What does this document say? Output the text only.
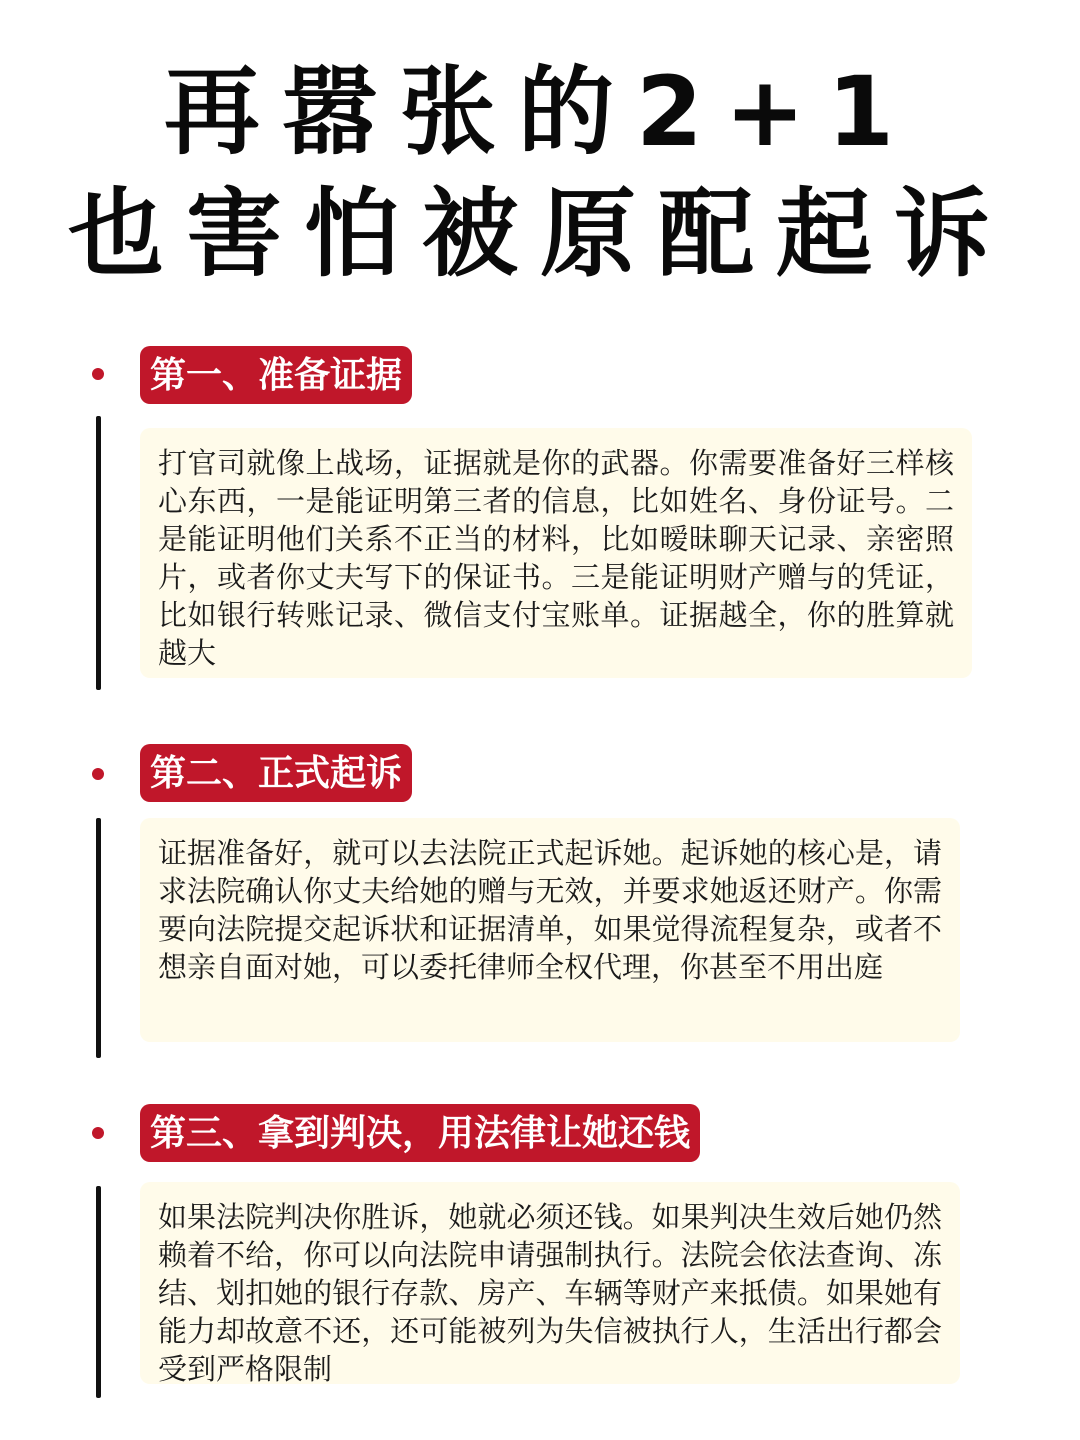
再嚣张的2+1
也害怕被原配起诉
第一、准备证据

打官司就像上战场，证据就是你的武器。你需要准备好三样核心东西，一是能证明第三者的信息，比如姓名、身份证号。二是能证明他们关系不正当的材料，比如暧昧聊天记录、亲密照片，或者你丈夫写下的保证书。三是能证明财产赠与的凭证，比如银行转账记录、微信支付宝账单。证据越全，你的胜算就越大

第二、正式起诉

证据准备好，就可以去法院正式起诉她。起诉她的核心是，请求法院确认你丈夫给她的赠与无效，并要求她返还财产。你需要向法院提交起诉状和证据清单，如果觉得流程复杂，或者不想亲自面对她，可以委托律师全权代理，你甚至不用出庭

第三、拿到判决，用法律让她还钱

如果法院判决你胜诉，她就必须还钱。如果判决生效后她仍然赖着不给，你可以向法院申请强制执行。法院会依法查询、冻结、划扣她的银行存款、房产、车辆等财产来抵债。如果她有能力却故意不还，还可能被列为失信被执行人，生活出行都会受到严格限制
